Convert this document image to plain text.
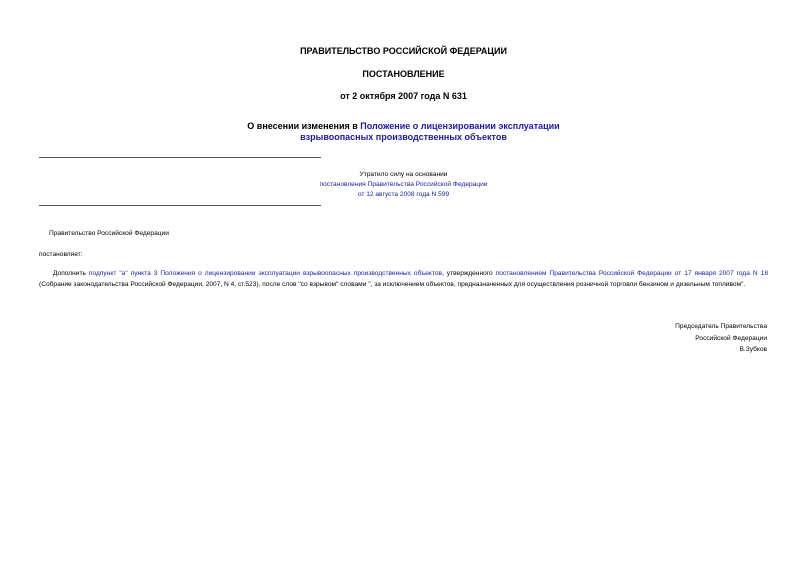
ПРАВИТЕЛЬСТВО РОССИЙСКОЙ ФЕДЕРАЦИИ
ПОСТАНОВЛЕНИЕ
от 2 октября 2007 года N 631
О внесении изменения в Положение о лицензировании эксплуатации
взрывоопасных производственных объектов
Утратило силу на основании
постановления Правительства Российской Федерации
от 12 августа 2008 года N 599
Правительство Российской Федерации
постановляет:
Дополнить подпункт "а" пункта 3 Положения о лицензировании эксплуатации взрывоопасных производственных объектов, утвержденного постановлением Правительства Российской Федерации от 17 января 2007 года N 18 (Собрание законодательства Российской Федерации, 2007, N 4, ст.523), после слов "со взрывом" словами ", за исключением объектов, предназначенных для осуществления розничной торговли бензином и дизельным топливом".
Председатель Правительства
Российской Федерации
В.Зубков
